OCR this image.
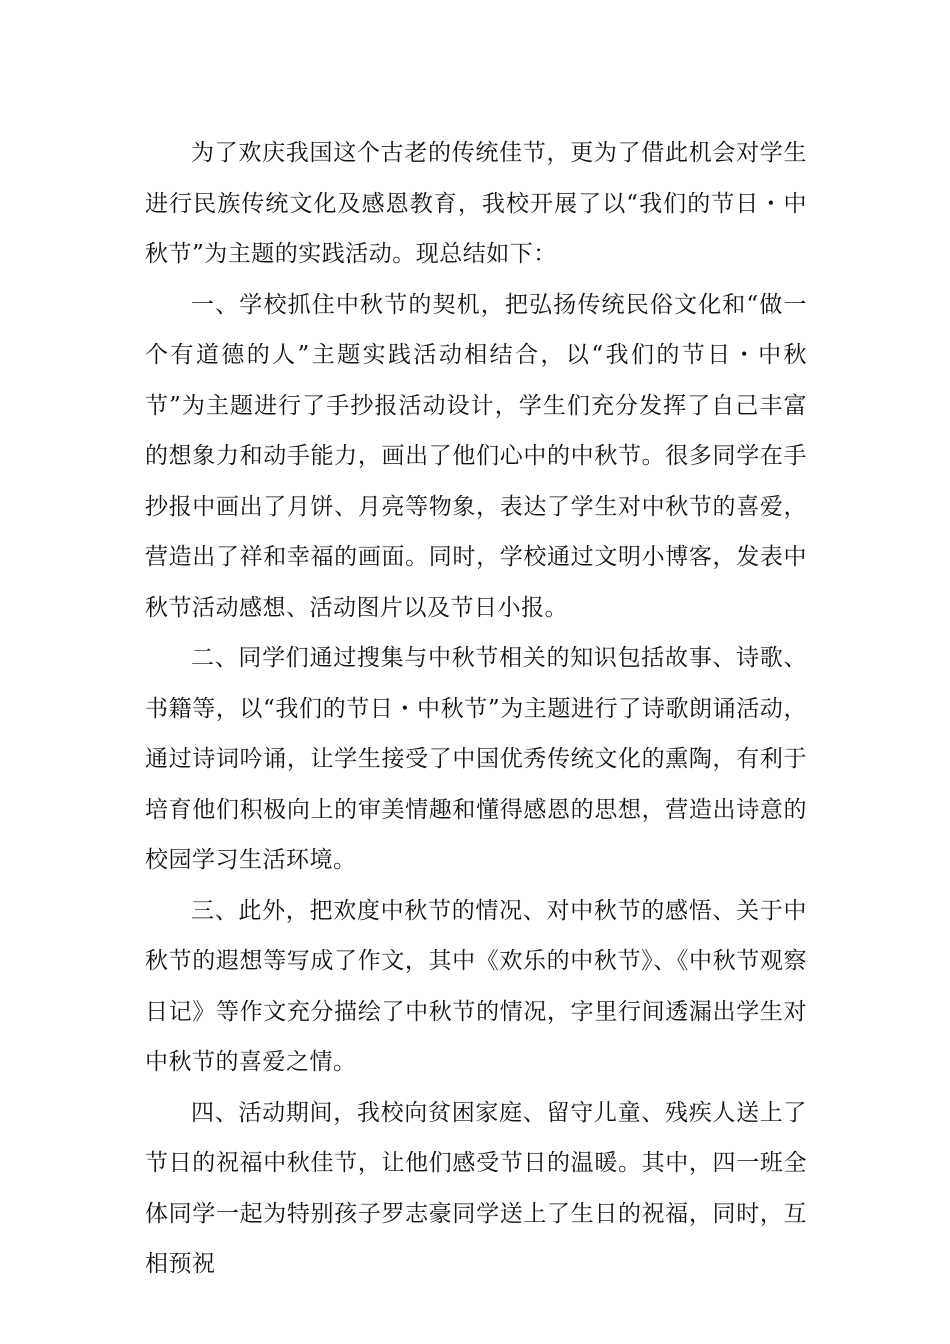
为了欢庆我国这个古老的传统佳节，更为了借此机会对学生进行民族传统文化及感恩教育，我校开展了以“我们的节日・中秋节”为主题的实践活动。现总结如下：

一、学校抓住中秋节的契机，把弘扬传统民俗文化和“做一个有道德的人”主题实践活动相结合，以“我们的节日・中秋节”为主题进行了手抄报活动设计，学生们充分发挥了自己丰富的想象力和动手能力，画出了他们心中的中秋节。很多同学在手抄报中画出了月饼、月亮等物象，表达了学生对中秋节的喜爱，营造出了祥和幸福的画面。同时，学校通过文明小博客，发表中秋节活动感想、活动图片以及节日小报。

二、同学们通过搜集与中秋节相关的知识包括故事、诗歌、书籍等，以“我们的节日・中秋节”为主题进行了诗歌朗诵活动，通过诗词吟诵，让学生接受了中国优秀传统文化的熏陶，有利于培育他们积极向上的审美情趣和懂得感恩的思想，营造出诗意的校园学习生活环境。

三、此外，把欢度中秋节的情况、对中秋节的感悟、关于中秋节的遐想等写成了作文，其中《欢乐的中秋节》、《中秋节观察日记》等作文充分描绘了中秋节的情况，字里行间透漏出学生对中秋节的喜爱之情。

四、活动期间，我校向贫困家庭、留守儿童、残疾人送上了节日的祝福中秋佳节，让他们感受节日的温暖。其中，四一班全体同学一起为特别孩子罗志豪同学送上了生日的祝福，同时，互相预祝
